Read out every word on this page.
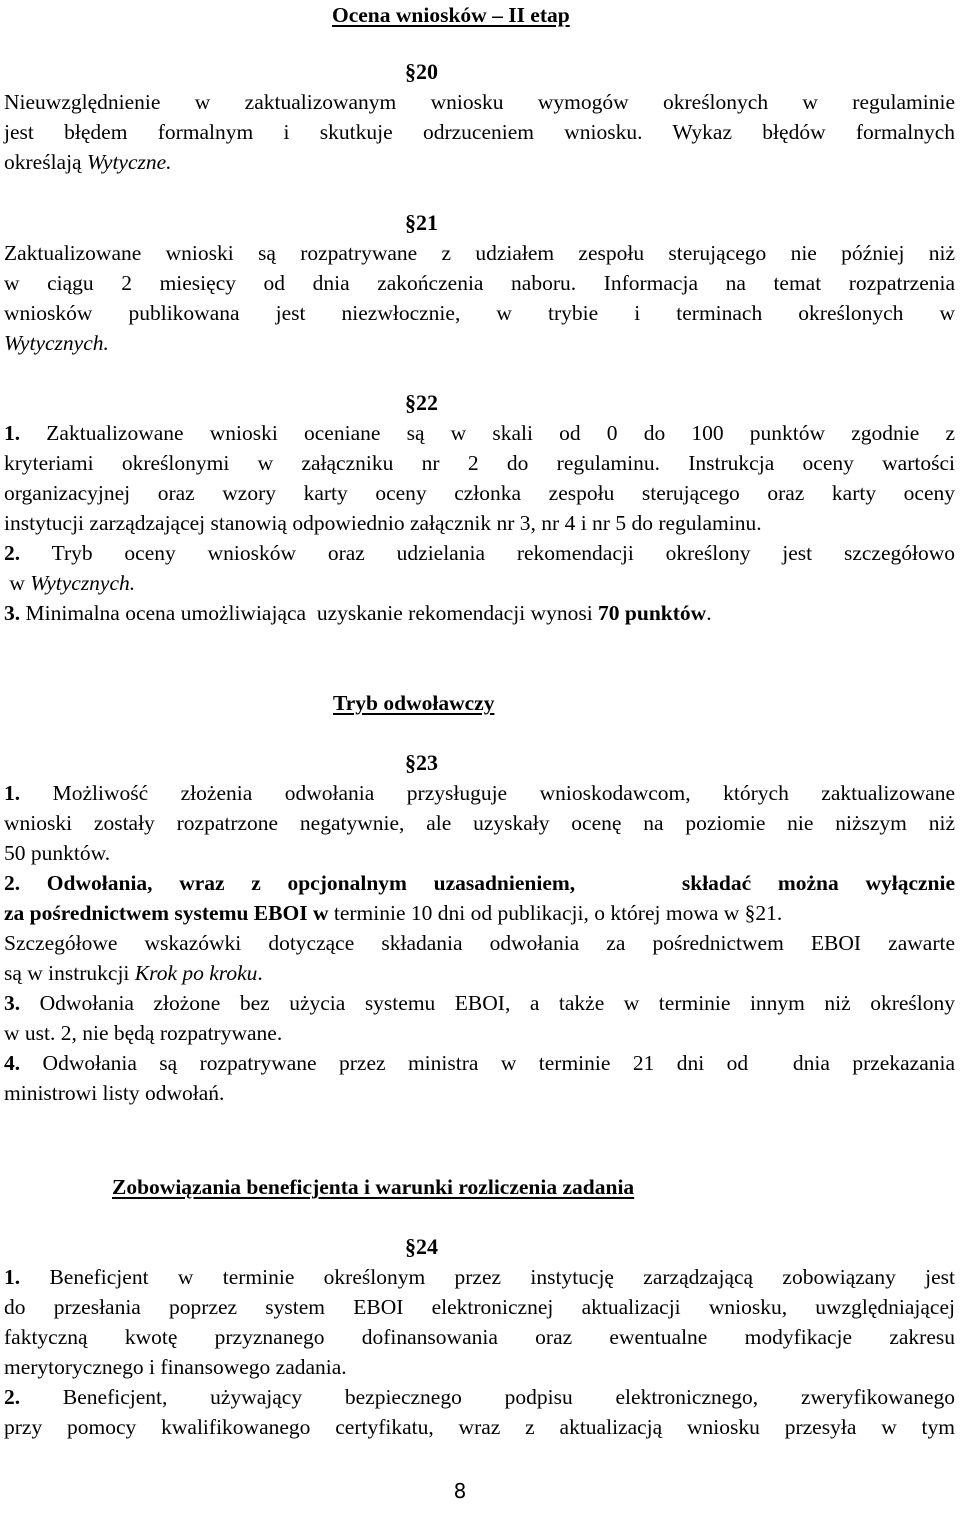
Ocena wniosków – II etap
§20
Nieuwzględnienie w zaktualizowanym wniosku wymogów określonych w regulaminie
jest błędem formalnym i skutkuje odrzuceniem wniosku. Wykaz błędów formalnych
określają Wytyczne.
§21
Zaktualizowane wnioski są rozpatrywane z udziałem zespołu sterującego nie później niż
w ciągu 2 miesięcy od dnia zakończenia naboru. Informacja na temat rozpatrzenia
wniosków publikowana jest niezwłocznie, w trybie i terminach określonych w
Wytycznych.
§22
1. Zaktualizowane wnioski oceniane są w skali od 0 do 100 punktów zgodnie z
kryteriami określonymi w załączniku nr 2 do regulaminu. Instrukcja oceny wartości
organizacyjnej oraz wzory karty oceny członka zespołu sterującego oraz karty oceny
instytucji zarządzającej stanowią odpowiednio załącznik nr 3, nr 4 i nr 5 do regulaminu.
2. Tryb oceny wniosków oraz udzielania rekomendacji określony jest szczegółowo
w Wytycznych.
3. Minimalna ocena umożliwiająca  uzyskanie rekomendacji wynosi 70 punktów.
Tryb odwoławczy
§23
1. Możliwość złożenia odwołania przysługuje wnioskodawcom, których zaktualizowane
wnioski zostały rozpatrzone negatywnie, ale uzyskały ocenę na poziomie nie niższym niż
50 punktów.
2. Odwołania, wraz z opcjonalnym uzasadnieniem,    składać można wyłącznie
za pośrednictwem systemu EBOI w terminie 10 dni od publikacji, o której mowa w §21.
Szczegółowe wskazówki dotyczące składania odwołania za pośrednictwem EBOI zawarte
są w instrukcji Krok po kroku.
3. Odwołania złożone bez użycia systemu EBOI, a także w terminie innym niż określony
w ust. 2, nie będą rozpatrywane.
4. Odwołania są rozpatrywane przez ministra w terminie 21 dni od  dnia przekazania
ministrowi listy odwołań.
Zobowiązania beneficjenta i warunki rozliczenia zadania
§24
1. Beneficjent w terminie określonym przez instytucję zarządzającą zobowiązany jest
do przesłania poprzez system EBOI elektronicznej aktualizacji wniosku, uwzględniającej
faktyczną kwotę przyznanego dofinansowania oraz ewentualne modyfikacje zakresu
merytorycznego i finansowego zadania.
2. Beneficjent, używający bezpiecznego podpisu elektronicznego, zweryfikowanego
przy pomocy kwalifikowanego certyfikatu, wraz z aktualizacją wniosku przesyła w tym
8
